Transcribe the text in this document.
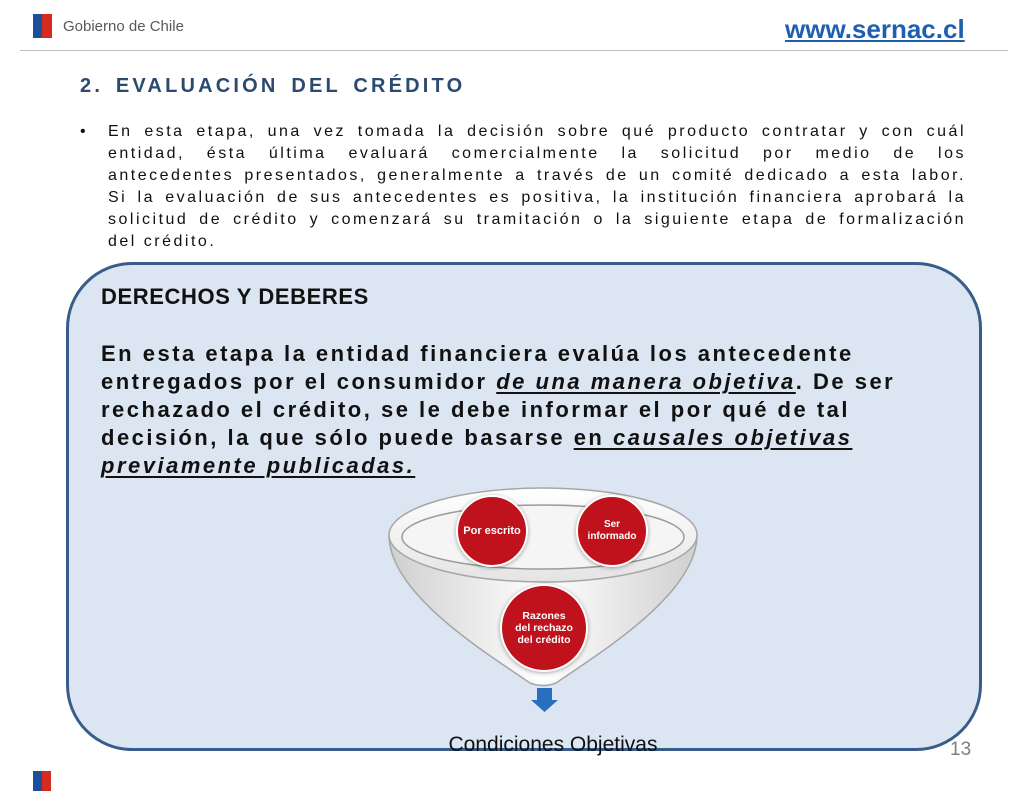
Gobierno de Chile	www.sernac.cl
2. EVALUACIÓN DEL CRÉDITO
•
En esta etapa, una vez tomada la decisión sobre qué producto contratar y con cuál
entidad, ésta última evaluará comercialmente la solicitud por medio de los
antecedentes presentados, generalmente a través de un comité dedicado a esta labor.
Si la evaluación de sus antecedentes es positiva, la institución financiera aprobará la
solicitud de crédito y comenzará su tramitación o la siguiente etapa de formalización
del crédito.
DERECHOS Y DEBERES
En esta etapa la entidad financiera evalúa los antecedente entregados por el consumidor de una manera objetiva. De ser rechazado el crédito, se le debe informar el por qué de tal decisión, la que sólo puede basarse en causales objetivas previamente publicadas.
Por escrito
Ser
informado
Razones
del rechazo
del crédito
Condiciones Objetivas	13
